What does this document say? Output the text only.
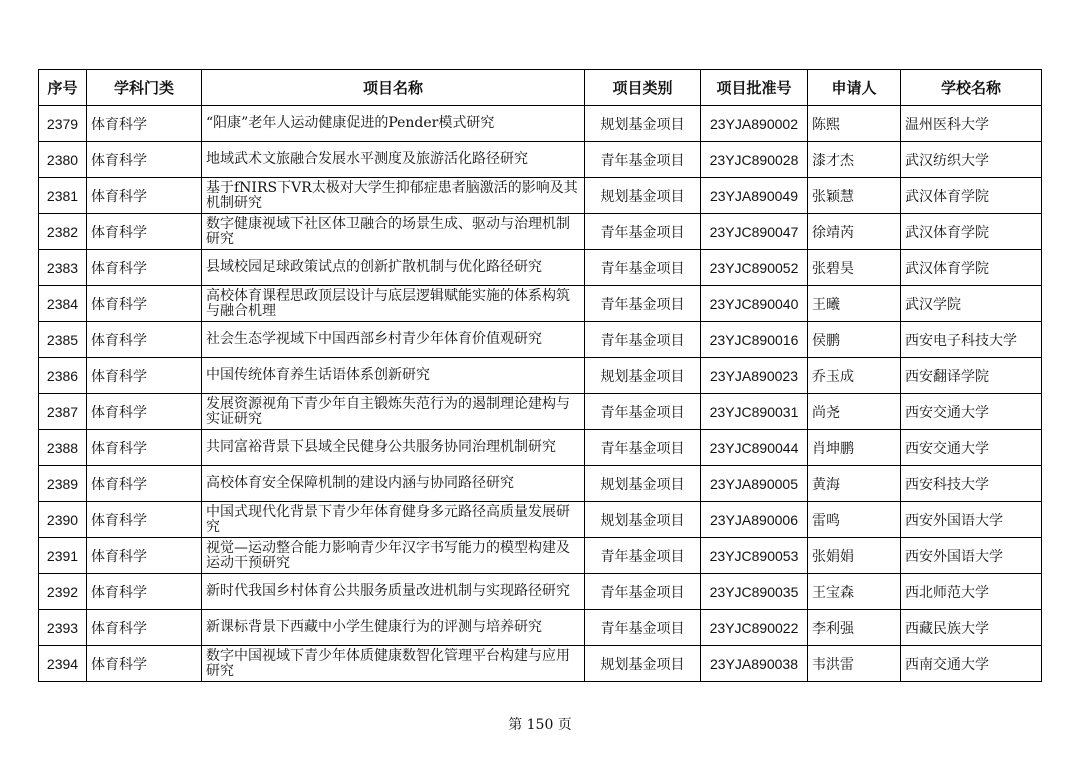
序号	学科门类	项目名称	项目类别	项目批准号	申请人	学校名称
2379	体育科学	“阳康”老年人运动健康促进的Pender模式研究	规划基金项目	23YJA890002	陈熙	温州医科大学
2380	体育科学	地域武术文旅融合发展水平测度及旅游活化路径研究	青年基金项目	23YJC890028	漆才杰	武汉纺织大学
2381	体育科学	基于fNIRS下VR太极对大学生抑郁症患者脑激活的影响及其机制研究	规划基金项目	23YJA890049	张颖慧	武汉体育学院
2382	体育科学	数字健康视域下社区体卫融合的场景生成、驱动与治理机制研究	青年基金项目	23YJC890047	徐靖芮	武汉体育学院
2383	体育科学	县域校园足球政策试点的创新扩散机制与优化路径研究	青年基金项目	23YJC890052	张碧昊	武汉体育学院
2384	体育科学	高校体育课程思政顶层设计与底层逻辑赋能实施的体系构筑与融合机理	青年基金项目	23YJC890040	王曦	武汉学院
2385	体育科学	社会生态学视域下中国西部乡村青少年体育价值观研究	青年基金项目	23YJC890016	侯鹏	西安电子科技大学
2386	体育科学	中国传统体育养生话语体系创新研究	规划基金项目	23YJA890023	乔玉成	西安翻译学院
2387	体育科学	发展资源视角下青少年自主锻炼失范行为的遏制理论建构与实证研究	青年基金项目	23YJC890031	尚尧	西安交通大学
2388	体育科学	共同富裕背景下县域全民健身公共服务协同治理机制研究	青年基金项目	23YJC890044	肖坤鹏	西安交通大学
2389	体育科学	高校体育安全保障机制的建设内涵与协同路径研究	规划基金项目	23YJA890005	黄海	西安科技大学
2390	体育科学	中国式现代化背景下青少年体育健身多元路径高质量发展研究	规划基金项目	23YJA890006	雷鸣	西安外国语大学
2391	体育科学	视觉—运动整合能力影响青少年汉字书写能力的模型构建及运动干预研究	青年基金项目	23YJC890053	张娟娟	西安外国语大学
2392	体育科学	新时代我国乡村体育公共服务质量改进机制与实现路径研究	青年基金项目	23YJC890035	王宝森	西北师范大学
2393	体育科学	新课标背景下西藏中小学生健康行为的评测与培养研究	青年基金项目	23YJC890022	李利强	西藏民族大学
2394	体育科学	数字中国视域下青少年体质健康数智化管理平台构建与应用研究	规划基金项目	23YJA890038	韦洪雷	西南交通大学
第 150 页
